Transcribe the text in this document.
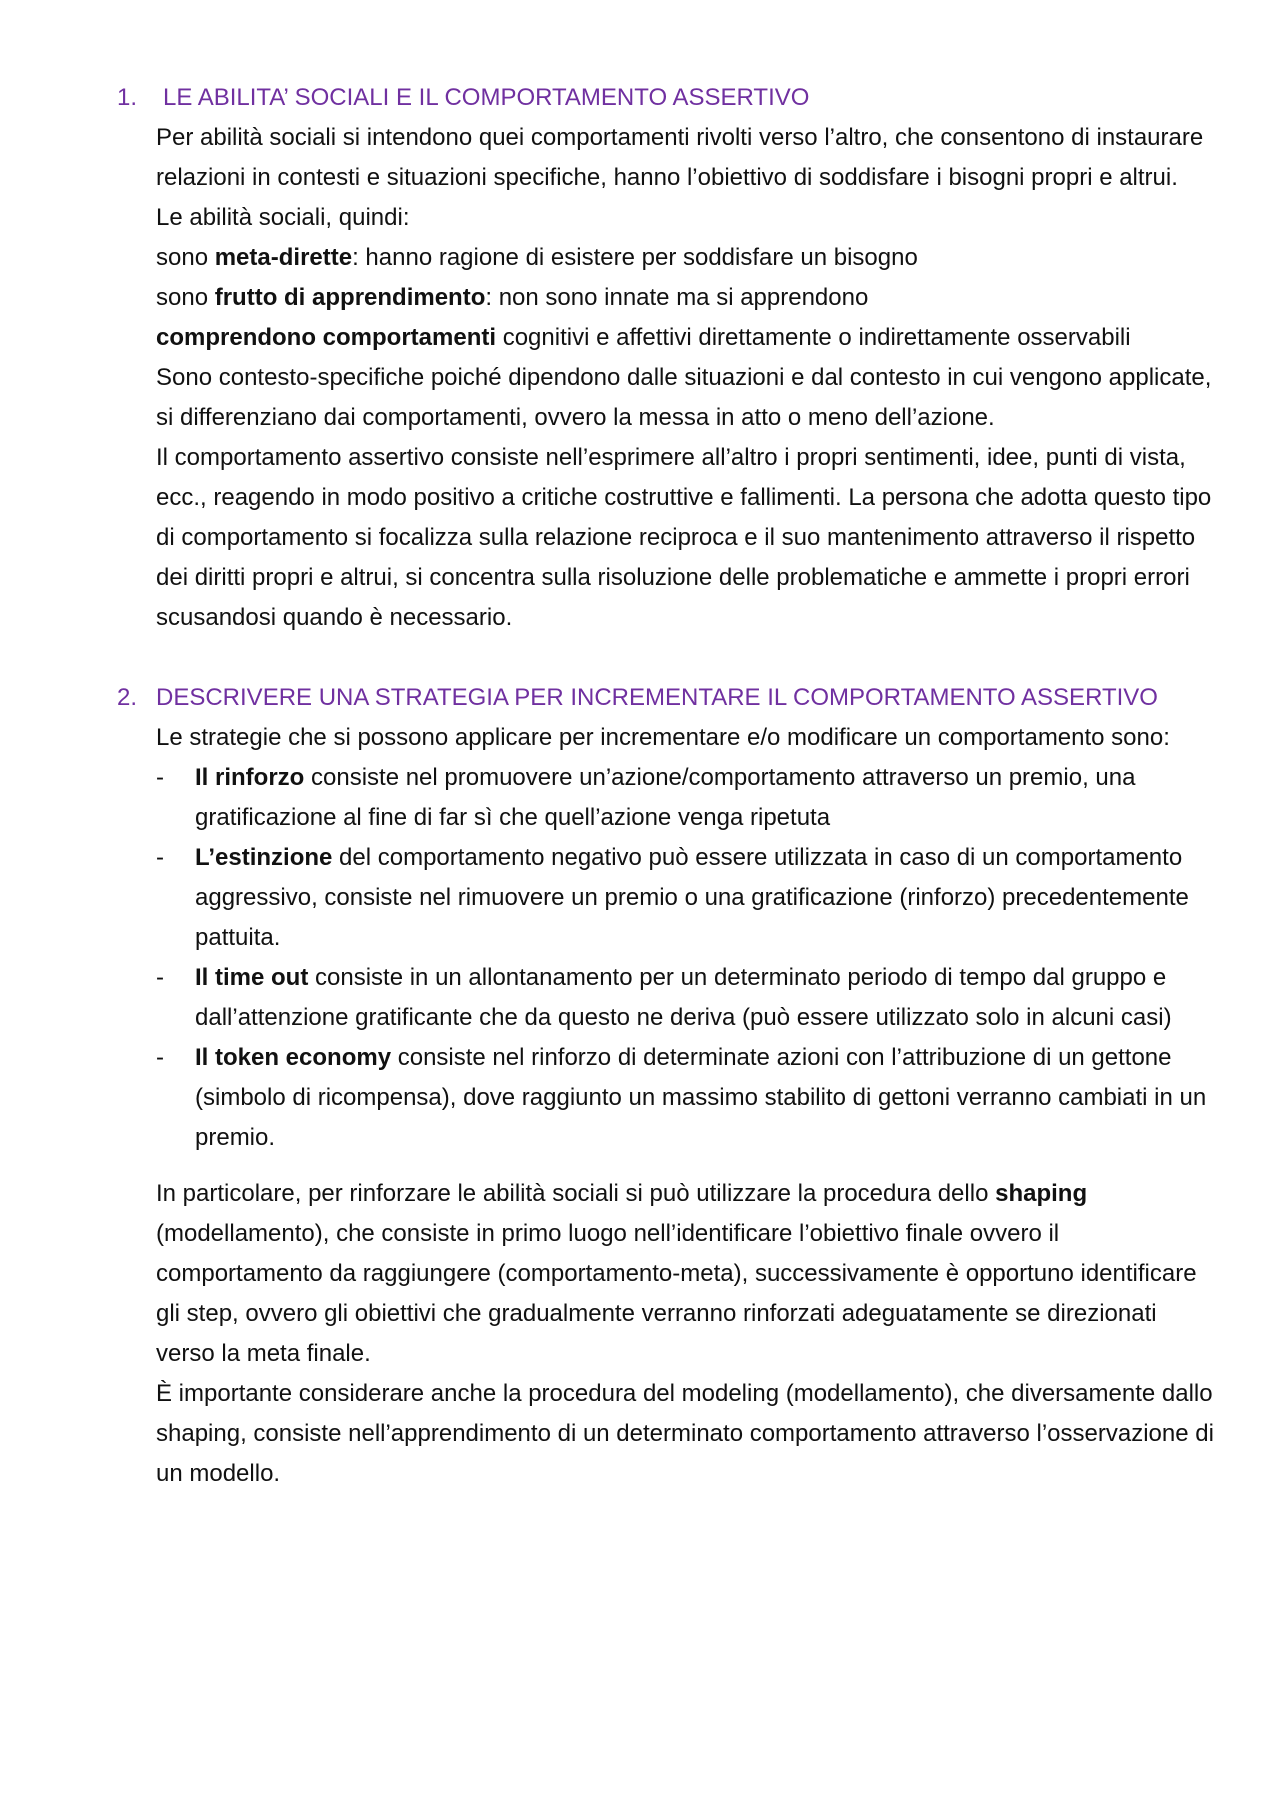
1.	LE ABILITA’ SOCIALI E IL COMPORTAMENTO ASSERTIVO

Per abilità sociali si intendono quei comportamenti rivolti verso l’altro, che consentono di instaurare relazioni in contesti e situazioni specifiche, hanno l’obiettivo di soddisfare i bisogni propri e altrui.

Le abilità sociali, quindi:

sono meta-dirette: hanno ragione di esistere per soddisfare un bisogno

sono frutto di apprendimento: non sono innate ma si apprendono

comprendono comportamenti cognitivi e affettivi direttamente o indirettamente osservabili

Sono contesto-specifiche poiché dipendono dalle situazioni e dal contesto in cui vengono applicate, si differenziano dai comportamenti, ovvero la messa in atto o meno dell’azione.

Il comportamento assertivo consiste nell’esprimere all’altro i propri sentimenti, idee, punti di vista, ecc., reagendo in modo positivo a critiche costruttive e fallimenti. La persona che adotta questo tipo di comportamento si focalizza sulla relazione reciproca e il suo mantenimento attraverso il rispetto dei diritti propri e altrui, si concentra sulla risoluzione delle problematiche e ammette i propri errori scusandosi quando è necessario.

2. DESCRIVERE UNA STRATEGIA PER INCREMENTARE IL COMPORTAMENTO ASSERTIVO

Le strategie che si possono applicare per incrementare e/o modificare un comportamento sono:

-	Il rinforzo consiste nel promuovere un’azione/comportamento attraverso un premio, una gratificazione al fine di far sì che quell’azione venga ripetuta
-	L’estinzione del comportamento negativo può essere utilizzata in caso di un comportamento aggressivo, consiste nel rimuovere un premio o una gratificazione (rinforzo) precedentemente pattuita.
-	Il time out consiste in un allontanamento per un determinato periodo di tempo dal gruppo e dall’attenzione gratificante che da questo ne deriva (può essere utilizzato solo in alcuni casi)
-	Il token economy consiste nel rinforzo di determinate azioni con l’attribuzione di un gettone (simbolo di ricompensa), dove raggiunto un massimo stabilito di gettoni verranno cambiati in un premio.

In particolare, per rinforzare le abilità sociali si può utilizzare la procedura dello shaping (modellamento), che consiste in primo luogo nell’identificare l’obiettivo finale ovvero il comportamento da raggiungere (comportamento-meta), successivamente è opportuno identificare gli step, ovvero gli obiettivi che gradualmente verranno rinforzati adeguatamente se direzionati verso la meta finale.

È importante considerare anche la procedura del modeling (modellamento), che diversamente dallo shaping, consiste nell’apprendimento di un determinato comportamento attraverso l’osservazione di un modello.
